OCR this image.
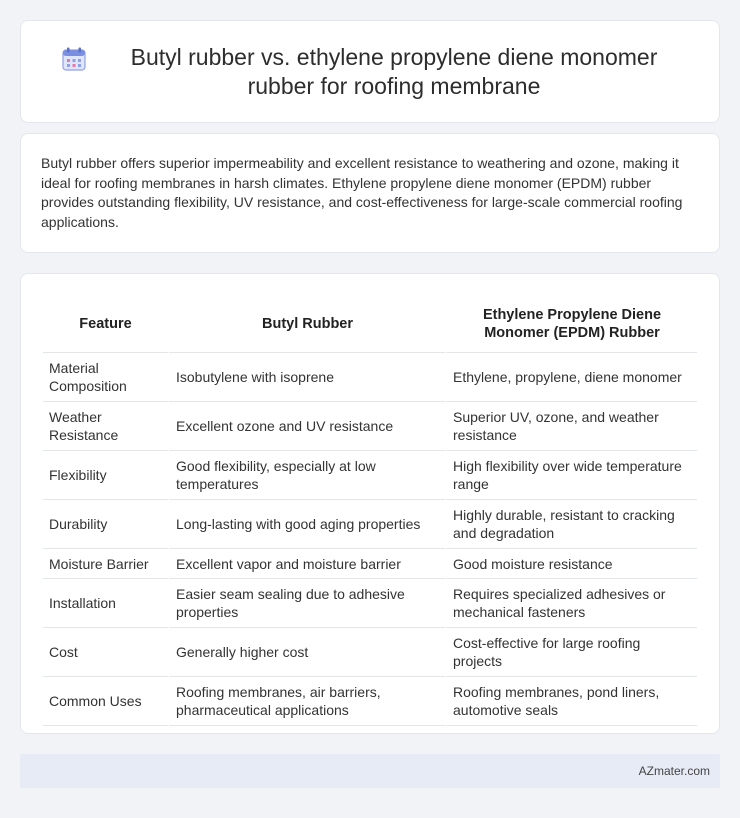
Butyl rubber vs. ethylene propylene diene monomer rubber for roofing membrane

Butyl rubber offers superior impermeability and excellent resistance to weathering and ozone, making it ideal for roofing membranes in harsh climates. Ethylene propylene diene monomer (EPDM) rubber provides outstanding flexibility, UV resistance, and cost-effectiveness for large-scale commercial roofing applications.

Feature	Butyl Rubber	Ethylene Propylene Diene Monomer (EPDM) Rubber
Material Composition	Isobutylene with isoprene	Ethylene, propylene, diene monomer
Weather Resistance	Excellent ozone and UV resistance	Superior UV, ozone, and weather resistance
Flexibility	Good flexibility, especially at low temperatures	High flexibility over wide temperature range
Durability	Long-lasting with good aging properties	Highly durable, resistant to cracking and degradation
Moisture Barrier	Excellent vapor and moisture barrier	Good moisture resistance
Installation	Easier seam sealing due to adhesive properties	Requires specialized adhesives or mechanical fasteners
Cost	Generally higher cost	Cost-effective for large roofing projects
Common Uses	Roofing membranes, air barriers, pharmaceutical applications	Roofing membranes, pond liners, automotive seals
AZmater.com
